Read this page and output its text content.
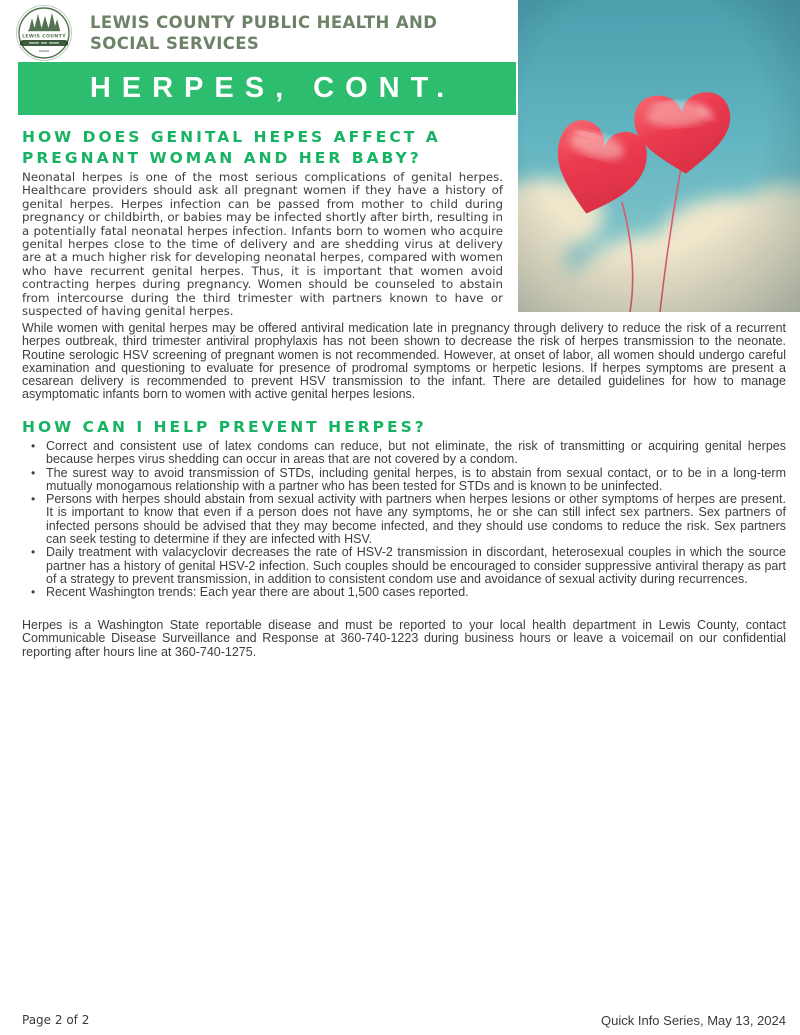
LEWIS COUNTY
LEWIS COUNTY PUBLIC HEALTH AND
SOCIAL SERVICES
HERPES, CONT.
HOW DOES GENITAL HEPES AFFECT A
PREGNANT WOMAN AND HER BABY?
Neonatal herpes is one of the most serious complications of genital herpes. Healthcare providers should ask all pregnant women if they have a history of genital herpes. Herpes infection can be passed from mother to child during pregnancy or childbirth, or babies may be infected shortly after birth, resulting in a potentially fatal neonatal herpes infection. Infants born to women who acquire genital herpes close to the time of delivery and are shedding virus at delivery are at a much higher risk for developing neonatal herpes, compared with women who have recurrent genital herpes. Thus, it is important that women avoid contracting herpes during pregnancy. Women should be counseled to abstain from intercourse during the third trimester with partners known to have or suspected of having genital herpes.
While women with genital herpes may be offered antiviral medication late in pregnancy through delivery to reduce the risk of a recurrent herpes outbreak, third trimester antiviral prophylaxis has not been shown to decrease the risk of herpes transmission to the neonate. Routine serologic HSV screening of pregnant women is not recommended. However, at onset of labor, all women should undergo careful examination and questioning to evaluate for presence of prodromal symptoms or herpetic lesions. If herpes symptoms are present a cesarean delivery is recommended to prevent HSV transmission to the infant. There are detailed guidelines for how to manage asymptomatic infants born to women with active genital herpes lesions.
HOW CAN I HELP PREVENT HERPES?
• Correct and consistent use of latex condoms can reduce, but not eliminate, the risk of transmitting or acquiring genital herpes because herpes virus shedding can occur in areas that are not covered by a condom.
• The surest way to avoid transmission of STDs, including genital herpes, is to abstain from sexual contact, or to be in a long-term mutually monogamous relationship with a partner who has been tested for STDs and is known to be uninfected.
• Persons with herpes should abstain from sexual activity with partners when herpes lesions or other symptoms of herpes are present. It is important to know that even if a person does not have any symptoms, he or she can still infect sex partners. Sex partners of infected persons should be advised that they may become infected, and they should use condoms to reduce the risk. Sex partners can seek testing to determine if they are infected with HSV.
• Daily treatment with valacyclovir decreases the rate of HSV-2 transmission in discordant, heterosexual couples in which the source partner has a history of genital HSV-2 infection. Such couples should be encouraged to consider suppressive antiviral therapy as part of a strategy to prevent transmission, in addition to consistent condom use and avoidance of sexual activity during recurrences.
• Recent Washington trends: Each year there are about 1,500 cases reported.
Herpes is a Washington State reportable disease and must be reported to your local health department in Lewis County, contact Communicable Disease Surveillance and Response at 360-740-1223 during business hours or leave a voicemail on our confidential reporting after hours line at 360-740-1275.
Page 2 of 2	Quick Info Series, May 13, 2024
